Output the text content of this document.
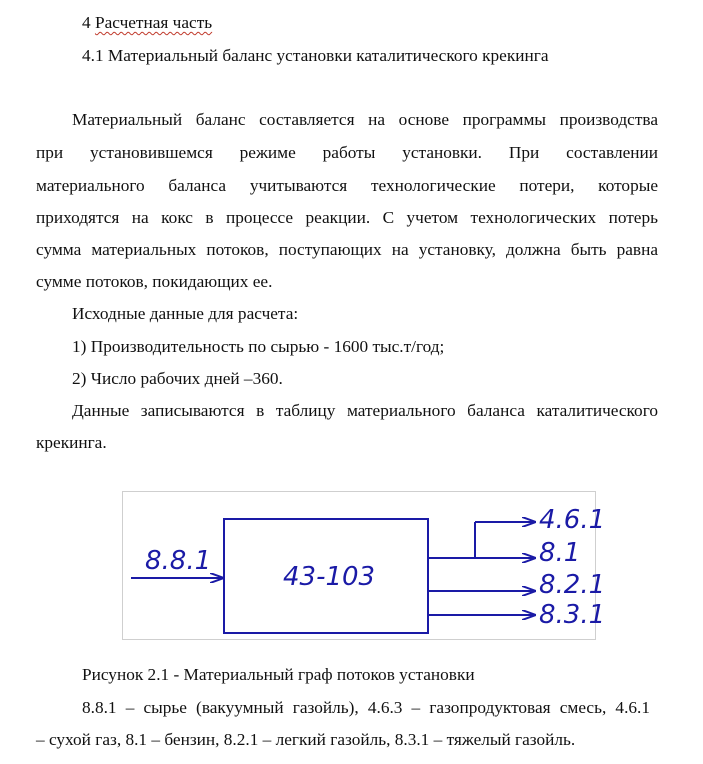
4 Расчетная часть
4.1 Материальный баланс установки каталитического крекинга
Материальный баланс составляется на основе программы производства
при установившемся режиме работы установки. При составлении
материального баланса учитываются технологические потери, которые
приходятся на кокс в процессе реакции. С учетом технологических потерь
сумма материальных потоков, поступающих на установку, должна быть равна
сумме потоков, покидающих ее.
Исходные данные для расчета:
1) Производительность по сырью - 1600 тыс.т/год;
2) Число рабочих дней –360.
Данные записываются в таблицу материального баланса каталитического
крекинга.
8.8.1
43-103
4.6.1
8.1
8.2.1
8.3.1
Рисунок 2.1 - Материальный граф потоков установки
8.8.1 – сырье (вакуумный газойль), 4.6.3 – газопродуктовая смесь, 4.6.1
– сухой газ, 8.1 – бензин, 8.2.1 – легкий газойль, 8.3.1 – тяжелый газойль.
